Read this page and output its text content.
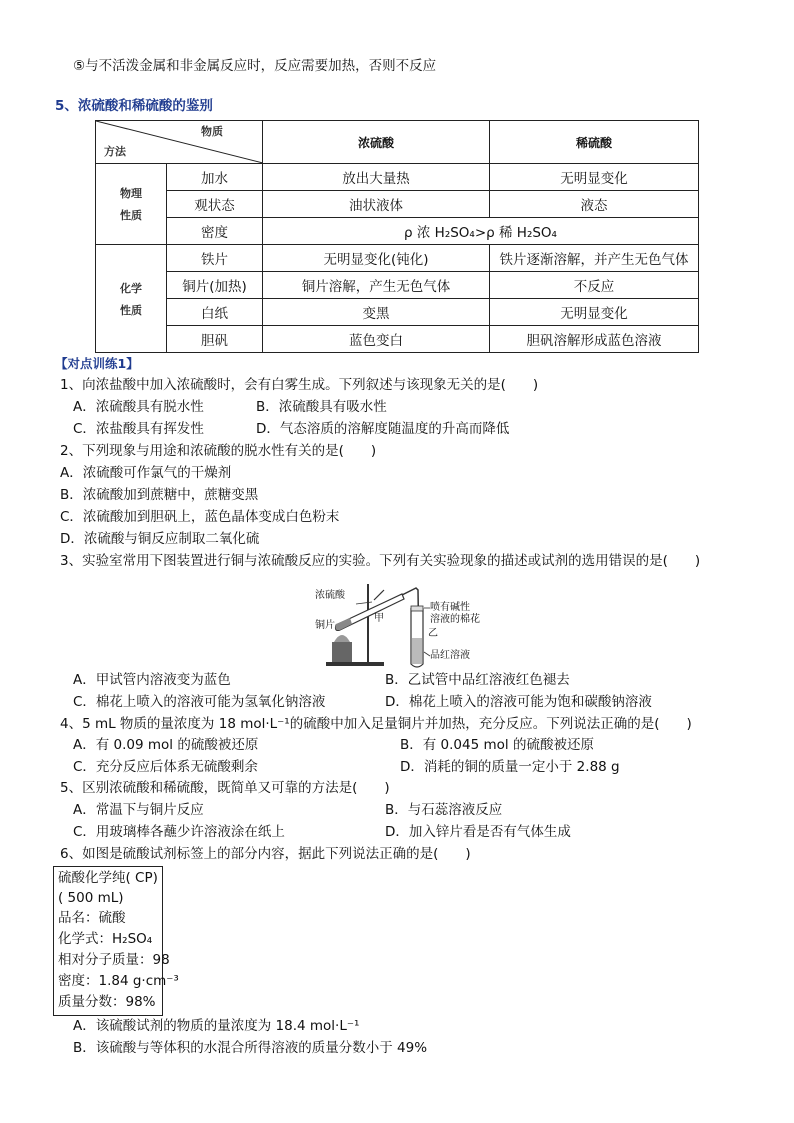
⑤与不活泼金属和非金属反应时，反应需要加热，否则不反应
5、浓硫酸和稀硫酸的鉴别
物质
方法		浓硫酸	稀硫酸

物理
性质	加水	放出大量热	无明显变化
	观状态	油状液体	液态
	密度	ρ 浓 H₂SO₄>ρ 稀 H₂SO₄	

化学
性质	铁片	无明显变化(钝化)	铁片逐渐溶解，并产生无色气体
	铜片(加热)	铜片溶解，产生无色气体	不反应
	白纸	变黑	无明显变化
	胆矾	蓝色变白	胆矾溶解形成蓝色溶液
【对点训练1】
1、向浓盐酸中加入浓硫酸时，会有白雾生成。下列叙述与该现象无关的是(　　)
A．浓硫酸具有脱水性	B．浓硫酸具有吸水性
C．浓盐酸具有挥发性	D．气态溶质的溶解度随温度的升高而降低
2、下列现象与用途和浓硫酸的脱水性有关的是(　　)
A．浓硫酸可作氯气的干燥剂
B．浓硫酸加到蔗糖中，蔗糖变黑
C．浓硫酸加到胆矾上，蓝色晶体变成白色粉末
D．浓硫酸与铜反应制取二氧化硫
3、实验室常用下图装置进行铜与浓硫酸反应的实验。下列有关实验现象的描述或试剂的选用错误的是(　　)
浓硫酸
铜片
甲
喷有碱性
溶液的棉花
乙
品红溶液
A．甲试管内溶液变为蓝色	B．乙试管中品红溶液红色褪去
C．棉花上喷入的溶液可能为氢氧化钠溶液	D．棉花上喷入的溶液可能为饱和碳酸钠溶液
4、5 mL 物质的量浓度为 18 mol·L⁻¹的硫酸中加入足量铜片并加热，充分反应。下列说法正确的是(　　)
A．有 0.09 mol 的硫酸被还原	B．有 0.045 mol 的硫酸被还原
C．充分反应后体系无硫酸剩余	D．消耗的铜的质量一定小于 2.88 g
5、区别浓硫酸和稀硫酸，既简单又可靠的方法是(　　)
A．常温下与铜片反应	B．与石蕊溶液反应
C．用玻璃棒各蘸少许溶液涂在纸上	D．加入锌片看是否有气体生成
6、如图是硫酸试剂标签上的部分内容，据此下列说法正确的是(　　)
硫酸化学纯( CP)
( 500 mL)
品名：硫酸
化学式：H₂SO₄
相对分子质量：98
密度：1.84 g·cm⁻³
质量分数：98%
A．该硫酸试剂的物质的量浓度为 18.4 mol·L⁻¹
B．该硫酸与等体积的水混合所得溶液的质量分数小于 49%
